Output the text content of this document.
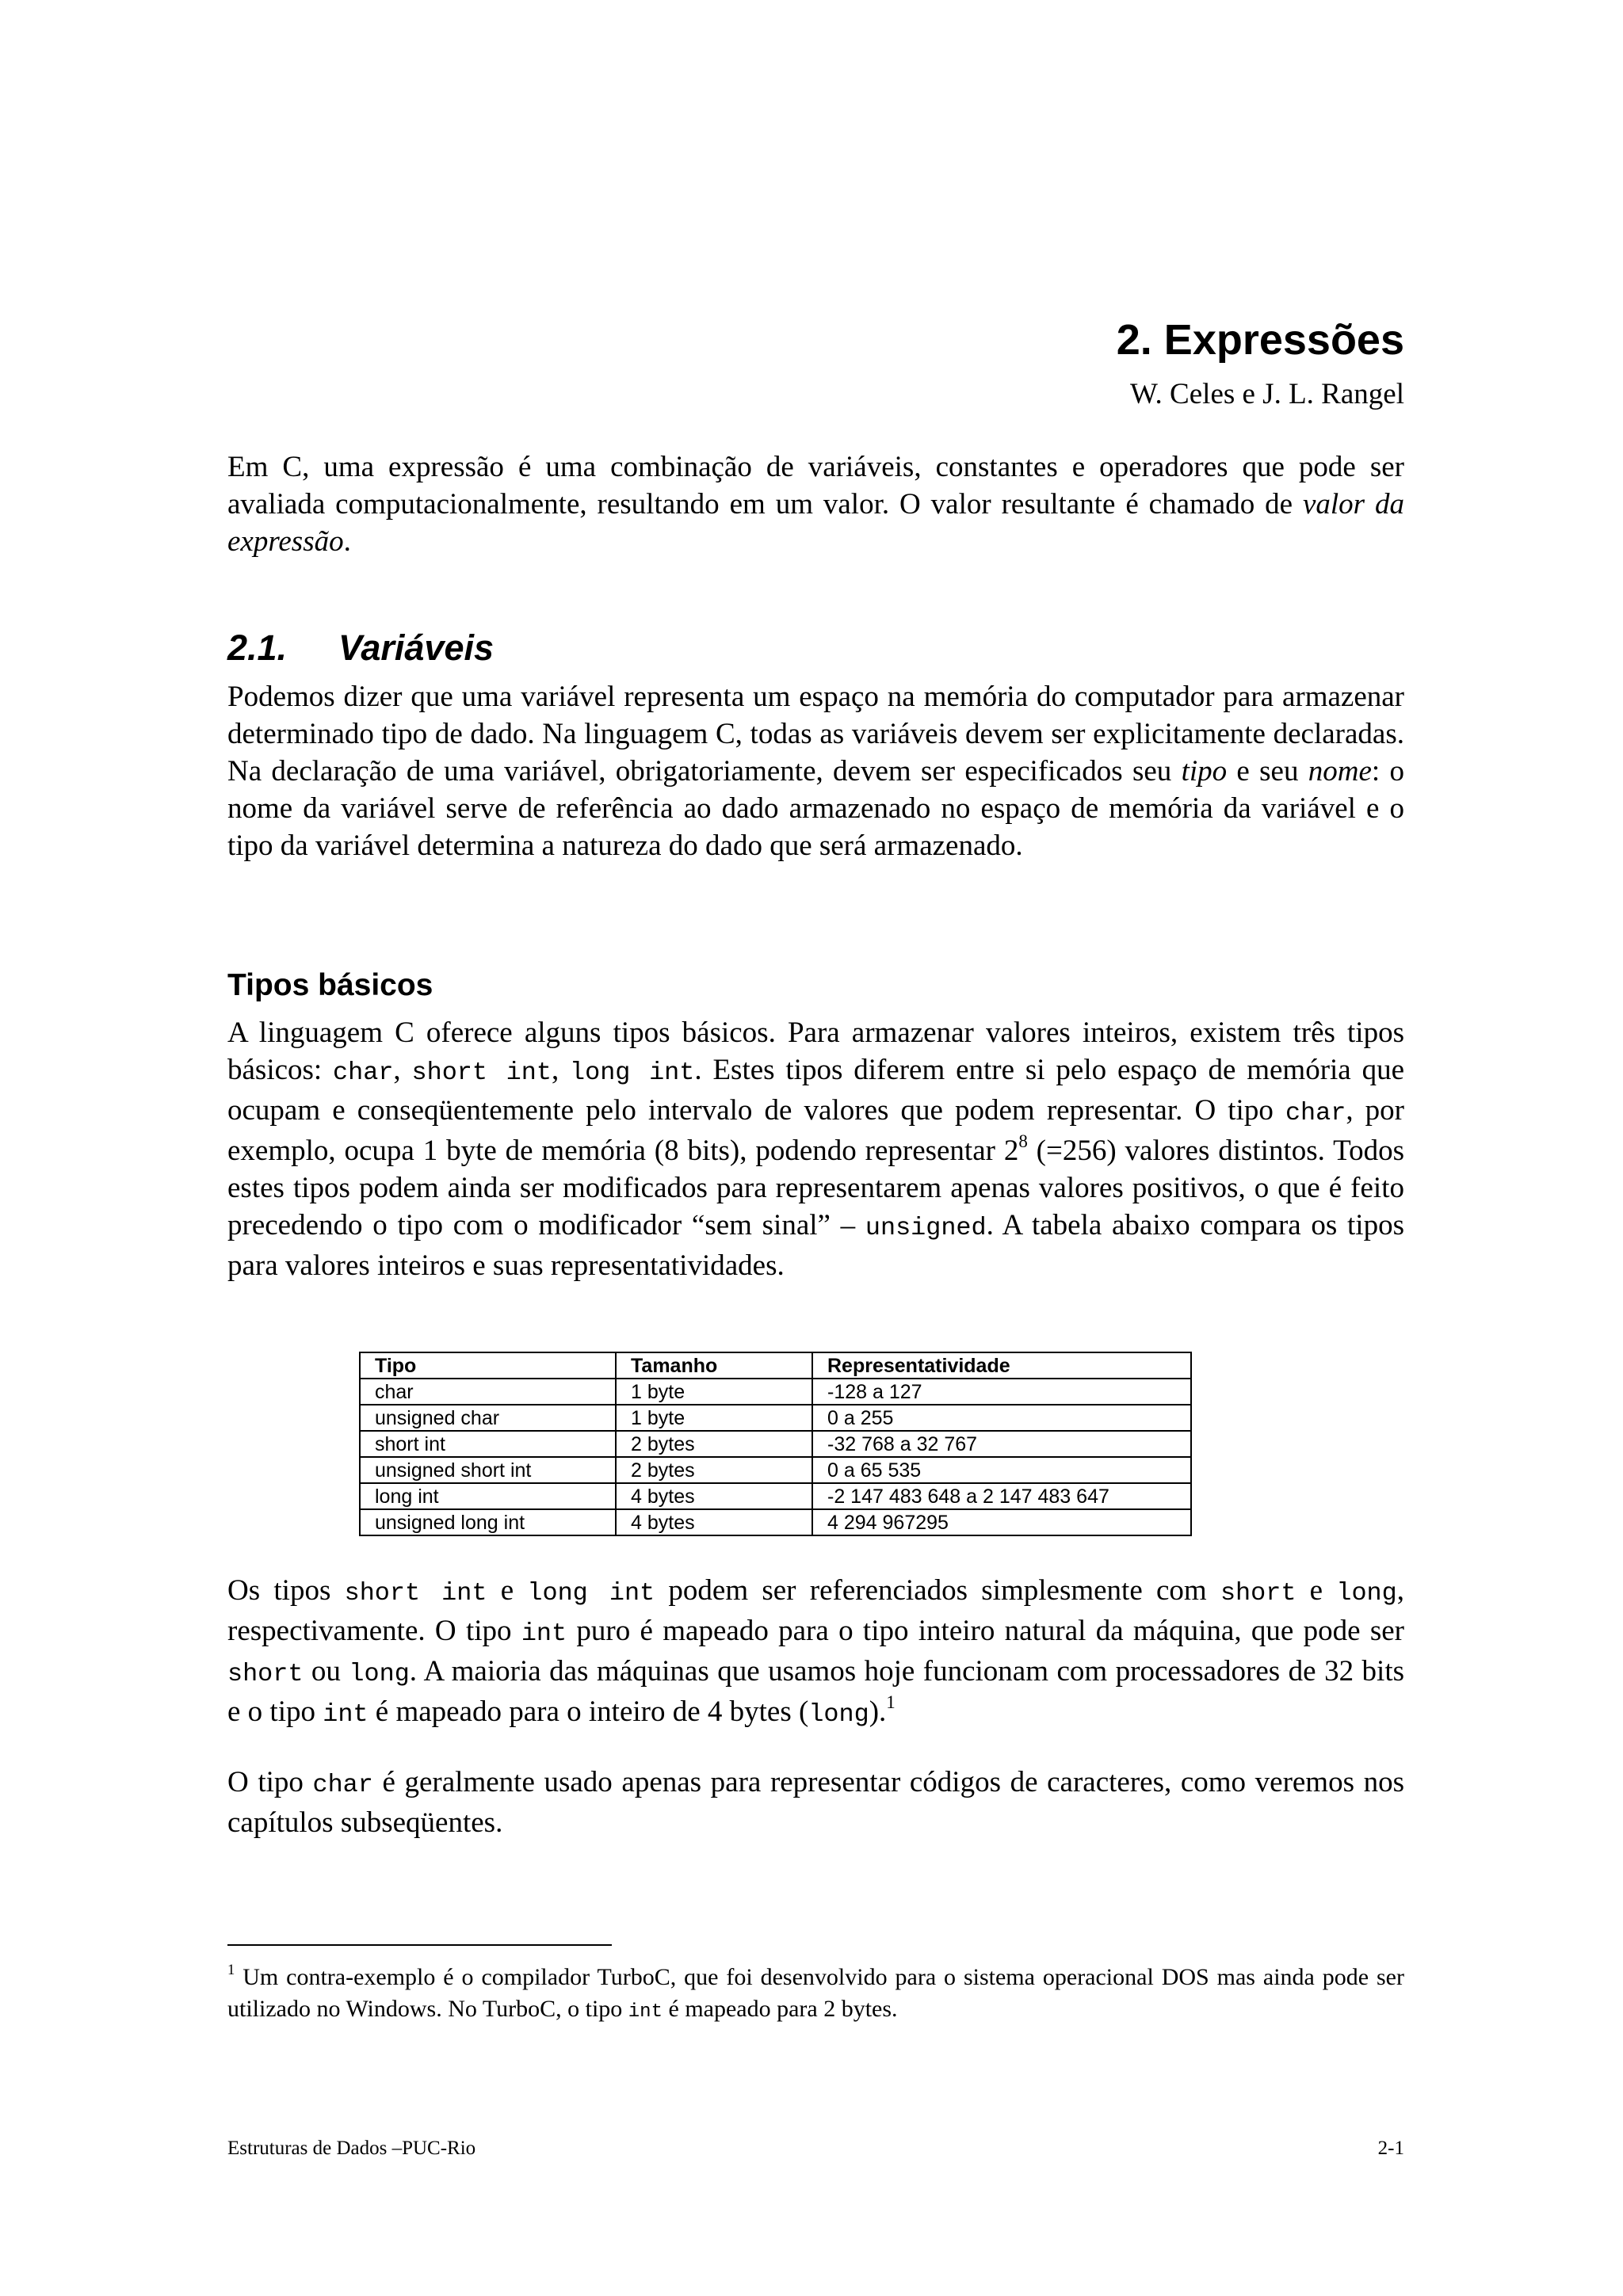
2. Expressões

W. Celes e J. L. Rangel

Em C, uma expressão é uma combinação de variáveis, constantes e operadores que pode ser avaliada computacionalmente, resultando em um valor. O valor resultante é chamado de valor da expressão.

2.1. Variáveis

Podemos dizer que uma variável representa um espaço na memória do computador para armazenar determinado tipo de dado. Na linguagem C, todas as variáveis devem ser explicitamente declaradas. Na declaração de uma variável, obrigatoriamente, devem ser especificados seu tipo e seu nome: o nome da variável serve de referência ao dado armazenado no espaço de memória da variável e o tipo da variável determina a natureza do dado que será armazenado.

Tipos básicos

A linguagem C oferece alguns tipos básicos. Para armazenar valores inteiros, existem três tipos básicos: char, short int, long int. Estes tipos diferem entre si pelo espaço de memória que ocupam e conseqüentemente pelo intervalo de valores que podem representar. O tipo char, por exemplo, ocupa 1 byte de memória (8 bits), podendo representar $2^8$ (=256) valores distintos. Todos estes tipos podem ainda ser modificados para representarem apenas valores positivos, o que é feito precedendo o tipo com o modificador “sem sinal” – unsigned. A tabela abaixo compara os tipos para valores inteiros e suas representatividades.

Tipo	Tamanho	Representatividade
char	1 byte	-128 a 127
unsigned char	1 byte	0 a 255
short int	2 bytes	-32 768 a 32 767
unsigned short int	2 bytes	0 a 65 535
long int	4 bytes	-2 147 483 648 a 2 147 483 647
unsigned long int	4 bytes	4 294 967295

Os tipos short int e long int podem ser referenciados simplesmente com short e long, respectivamente. O tipo int puro é mapeado para o tipo inteiro natural da máquina, que pode ser short ou long. A maioria das máquinas que usamos hoje funcionam com processadores de 32 bits e o tipo int é mapeado para o inteiro de 4 bytes (long).$^1$

O tipo char é geralmente usado apenas para representar códigos de caracteres, como veremos nos capítulos subseqüentes.

$^1$ Um contra-exemplo é o compilador TurboC, que foi desenvolvido para o sistema operacional DOS mas ainda pode ser utilizado no Windows. No TurboC, o tipo int é mapeado para 2 bytes.

Estruturas de Dados –PUC-Rio	2-1
